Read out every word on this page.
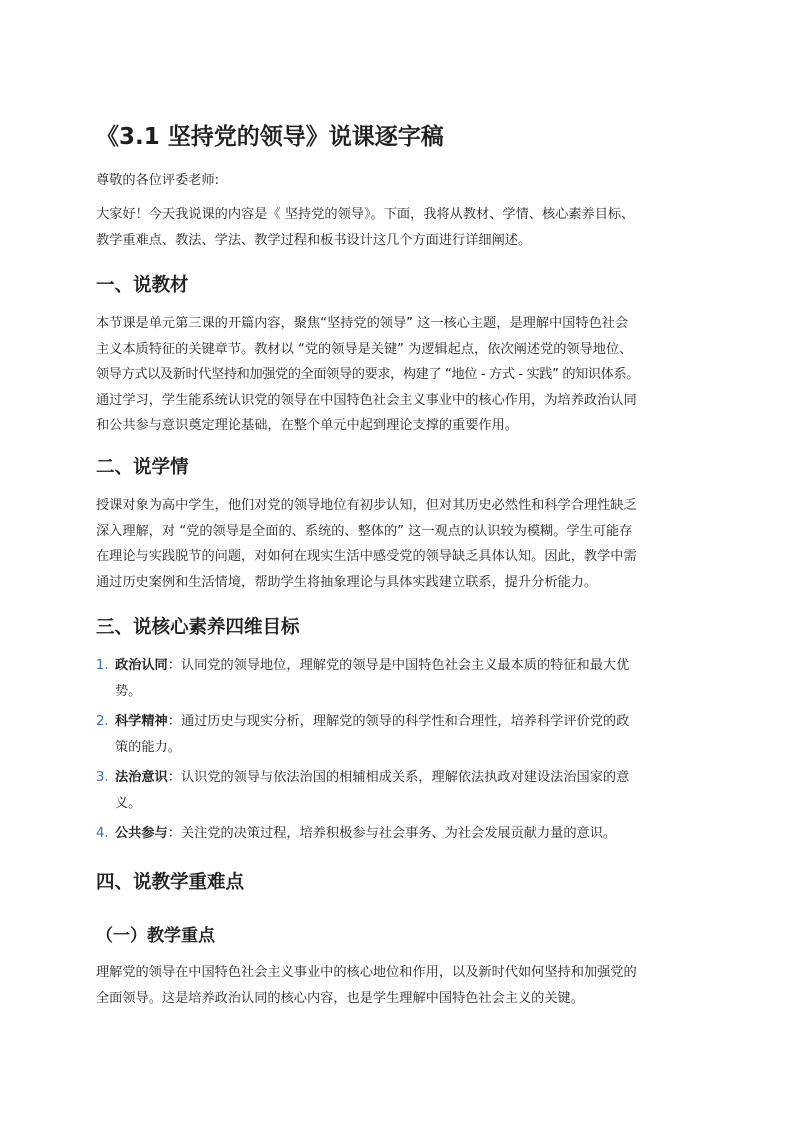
《3.1 坚持党的领导》说课逐字稿

尊敬的各位评委老师:

大家好！今天我说课的内容是《 坚持党的领导》。下面，我将从教材、学情、核心素养目标、
教学重难点、教法、学法、教学过程和板书设计这几个方面进行详细阐述。

一、说教材

本节课是单元第三课的开篇内容，聚焦“坚持党的领导” 这一核心主题，是理解中国特色社会
主义本质特征的关键章节。教材以 “党的领导是关键” 为逻辑起点，依次阐述党的领导地位、
领导方式以及新时代坚持和加强党的全面领导的要求，构建了 “地位 - 方式 - 实践” 的知识体系。
通过学习，学生能系统认识党的领导在中国特色社会主义事业中的核心作用，为培养政治认同
和公共参与意识奠定理论基础，在整个单元中起到理论支撑的重要作用。

二、说学情

授课对象为高中学生，他们对党的领导地位有初步认知，但对其历史必然性和科学合理性缺乏
深入理解，对 “党的领导是全面的、系统的、整体的” 这一观点的认识较为模糊。学生可能存
在理论与实践脱节的问题，对如何在现实生活中感受党的领导缺乏具体认知。因此，教学中需
通过历史案例和生活情境，帮助学生将抽象理论与具体实践建立联系，提升分析能力。

三、说核心素养四维目标
1. 政治认同：认同党的领导地位，理解党的领导是中国特色社会主义最本质的特征和最大优
势。
2. 科学精神：通过历史与现实分析，理解党的领导的科学性和合理性，培养科学评价党的政
策的能力。
3. 法治意识：认识党的领导与依法治国的相辅相成关系，理解依法执政对建设法治国家的意
义。
4. 公共参与：关注党的决策过程，培养积极参与社会事务、为社会发展贡献力量的意识。
四、说教学重难点
（一）教学重点

理解党的领导在中国特色社会主义事业中的核心地位和作用，以及新时代如何坚持和加强党的
全面领导。这是培养政治认同的核心内容，也是学生理解中国特色社会主义的关键。
